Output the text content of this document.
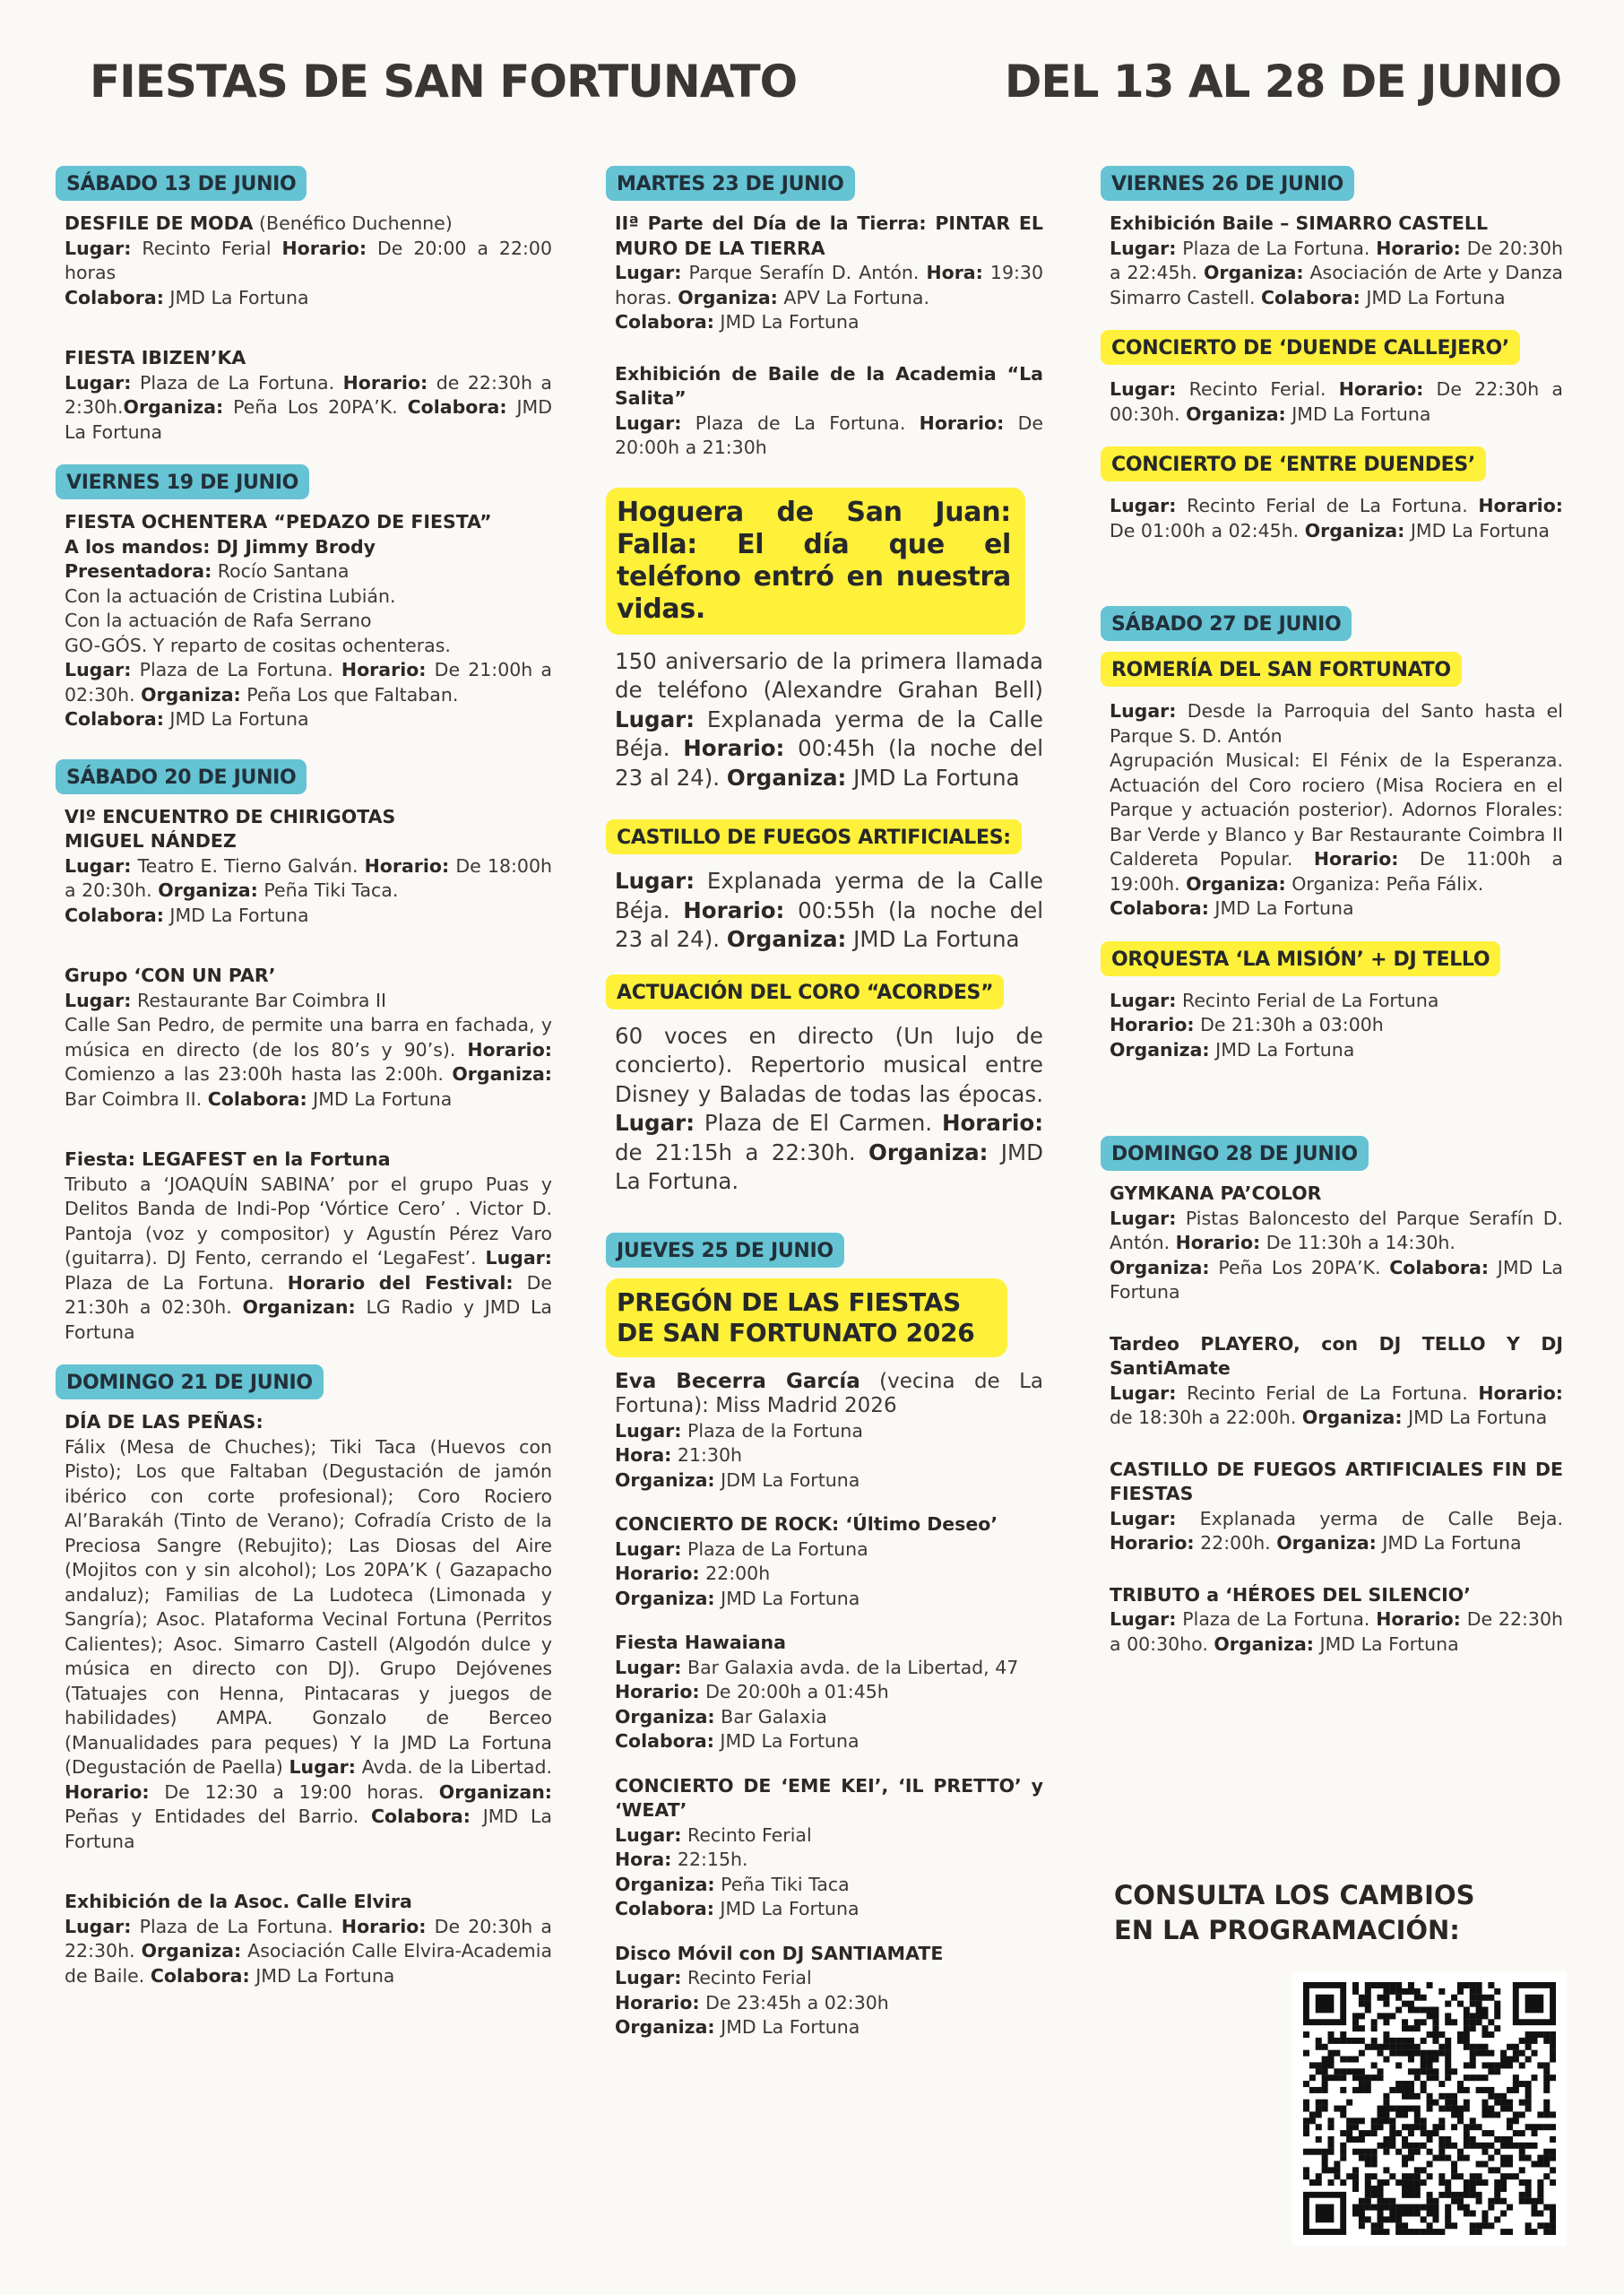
FIESTAS DE SAN FORTUNATO	DEL 13 AL 28 DE JUNIO
SÁBADO 13 DE JUNIO
DESFILE DE MODA (Benéfico Duchenne)
Lugar: Recinto Ferial Horario: De 20:00 a 22:00 horas
Colabora: JMD La Fortuna
FIESTA IBIZEN’KA
Lugar: Plaza de La Fortuna. Horario: de 22:30h a 2:30h.Organiza: Peña Los 20PA’K. Colabora: JMD La Fortuna
VIERNES 19 DE JUNIO
FIESTA OCHENTERA “PEDAZO DE FIESTA”
A los mandos: DJ Jimmy Brody
Presentadora: Rocío Santana

Con la actuación de Cristina Lubián.
Con la actuación de Rafa Serrano
GO-GÓS. Y reparto de cositas ochenteras.
Lugar: Plaza de La Fortuna. Horario: De 21:00h a 02:30h. Organiza: Peña Los que Faltaban.
Colabora: JMD La Fortuna
SÁBADO 20 DE JUNIO
VIº ENCUENTRO DE CHIRIGOTAS
MIGUEL NÁNDEZ
Lugar: Teatro E. Tierno Galván. Horario: De 18:00h a 20:30h. Organiza: Peña Tiki Taca.
Colabora: JMD La Fortuna
Grupo ‘CON UN PAR’
Lugar: Restaurante Bar Coimbra II
Calle San Pedro, de permite una barra en fachada, y música en directo (de los 80’s y 90’s). Horario: Comienzo a las 23:00h hasta las 2:00h. Organiza: Bar Coimbra II. Colabora: JMD La Fortuna
Fiesta: LEGAFEST en la Fortuna
Tributo a ‘JOAQUÍN SABINA’ por el grupo Puas y Delitos Banda de Indi-Pop ‘Vórtice Cero’ . Victor D. Pantoja (voz y compositor) y Agustín Pérez Varo (guitarra). DJ Fento, cerrando el ‘LegaFest’. Lugar: Plaza de La Fortuna. Horario del Festival: De 21:30h a 02:30h. Organizan: LG Radio y JMD La Fortuna
DOMINGO 21 DE JUNIO
DÍA DE LAS PEÑAS:
Fálix (Mesa de Chuches); Tiki Taca (Huevos con Pisto); Los que Faltaban (Degustación de jamón ibérico con corte profesional); Coro Rociero Al’Barakáh (Tinto de Verano); Cofradía Cristo de la Preciosa Sangre (Rebujito); Las Diosas del Aire (Mojitos con y sin alcohol); Los 20PA’K ( Gazapacho andaluz); Familias de La Ludoteca (Limonada y Sangría); Asoc. Plataforma Vecinal Fortuna (Perritos Calientes); Asoc. Simarro Castell (Algodón dulce y música en directo con DJ). Grupo Dejóvenes (Tatuajes con Henna, Pintacaras y juegos de habilidades) AMPA. Gonzalo de Berceo (Manualidades para peques) Y la JMD La Fortuna (Degustación de Paella) Lugar: Avda. de la Libertad. Horario: De 12:30 a 19:00 horas. Organizan: Peñas y Entidades del Barrio. Colabora: JMD La Fortuna
Exhibición de la Asoc. Calle Elvira
Lugar: Plaza de La Fortuna. Horario: De 20:30h a 22:30h. Organiza: Asociación Calle Elvira-Academia de Baile. Colabora: JMD La Fortuna
MARTES 23 DE JUNIO
IIª Parte del Día de la Tierra: PINTAR EL MURO DE LA TIERRA
Lugar: Parque Serafín D. Antón. Hora: 19:30 horas. Organiza: APV La Fortuna.
Colabora: JMD La Fortuna
Exhibición de Baile de la Academia “La Salita”
Lugar: Plaza de La Fortuna. Horario: De 20:00h a 21:30h
Hoguera de San Juan: Falla: El día que el teléfono entró en nuestra vidas.
150 aniversario de la primera llamada de teléfono (Alexandre Grahan Bell) Lugar: Explanada yerma de la Calle Béja. Horario: 00:45h (la noche del 23 al 24). Organiza: JMD La Fortuna
CASTILLO DE FUEGOS ARTIFICIALES:
Lugar: Explanada yerma de la Calle Béja. Horario: 00:55h (la noche del 23 al 24). Organiza: JMD La Fortuna
ACTUACIÓN DEL CORO “ACORDES”
60 voces en directo (Un lujo de concierto). Repertorio musical entre Disney y Baladas de todas las épocas. Lugar: Plaza de El Carmen. Horario: de 21:15h a 22:30h. Organiza: JMD La Fortuna.
JUEVES 25 DE JUNIO
PREGÓN DE LAS FIESTAS DE SAN FORTUNATO 2026
Eva Becerra García (vecina de La Fortuna): Miss Madrid 2026
Lugar: Plaza de la Fortuna
Hora: 21:30h
Organiza: JDM La Fortuna
CONCIERTO DE ROCK: ‘Último Deseo’
Lugar: Plaza de La Fortuna
Horario: 22:00h
Organiza: JMD La Fortuna
Fiesta Hawaiana
Lugar: Bar Galaxia avda. de la Libertad, 47
Horario: De 20:00h a 01:45h
Organiza: Bar Galaxia
Colabora: JMD La Fortuna
CONCIERTO DE ‘EME KEI’, ‘IL PRETTO’ y ‘WEAT’
Lugar: Recinto Ferial
Hora: 22:15h.
Organiza: Peña Tiki Taca
Colabora: JMD La Fortuna
Disco Móvil con DJ SANTIAMATE
Lugar: Recinto Ferial
Horario: De 23:45h a 02:30h
Organiza: JMD La Fortuna
VIERNES 26 DE JUNIO
Exhibición Baile – SIMARRO CASTELL
Lugar: Plaza de La Fortuna. Horario: De 20:30h a 22:45h. Organiza: Asociación de Arte y Danza Simarro Castell. Colabora: JMD La Fortuna
CONCIERTO DE ‘DUENDE CALLEJERO’
Lugar: Recinto Ferial. Horario: De 22:30h a 00:30h. Organiza: JMD La Fortuna
CONCIERTO DE ‘ENTRE DUENDES’
Lugar: Recinto Ferial de La Fortuna. Horario: De 01:00h a 02:45h. Organiza: JMD La Fortuna
SÁBADO 27 DE JUNIO
ROMERÍA DEL SAN FORTUNATO
Lugar: Desde la Parroquia del Santo hasta el Parque S. D. Antón
Agrupación Musical: El Fénix de la Esperanza. Actuación del Coro rociero (Misa Rociera en el Parque y actuación posterior). Adornos Florales: Bar Verde y Blanco y Bar Restaurante Coimbra II Caldereta Popular. Horario: De 11:00h a 19:00h. Organiza: Organiza: Peña Fálix.
Colabora: JMD La Fortuna
ORQUESTA ‘LA MISIÓN’ + DJ TELLO
Lugar: Recinto Ferial de La Fortuna
Horario: De 21:30h a 03:00h
Organiza: JMD La Fortuna
DOMINGO 28 DE JUNIO
GYMKANA PA’COLOR
Lugar: Pistas Baloncesto del Parque Serafín D. Antón. Horario: De 11:30h a 14:30h.
Organiza: Peña Los 20PA’K. Colabora: JMD La Fortuna
Tardeo PLAYERO, con DJ TELLO Y DJ SantiAmate
Lugar: Recinto Ferial de La Fortuna. Horario: de 18:30h a 22:00h. Organiza: JMD La Fortuna
CASTILLO DE FUEGOS ARTIFICIALES FIN DE FIESTAS
Lugar: Explanada yerma de Calle Beja. Horario: 22:00h. Organiza: JMD La Fortuna
TRIBUTO a ‘HÉROES DEL SILENCIO’
Lugar: Plaza de La Fortuna. Horario: De 22:30h a 00:30ho. Organiza: JMD La Fortuna
CONSULTA LOS CAMBIOS
EN LA PROGRAMACIÓN:
